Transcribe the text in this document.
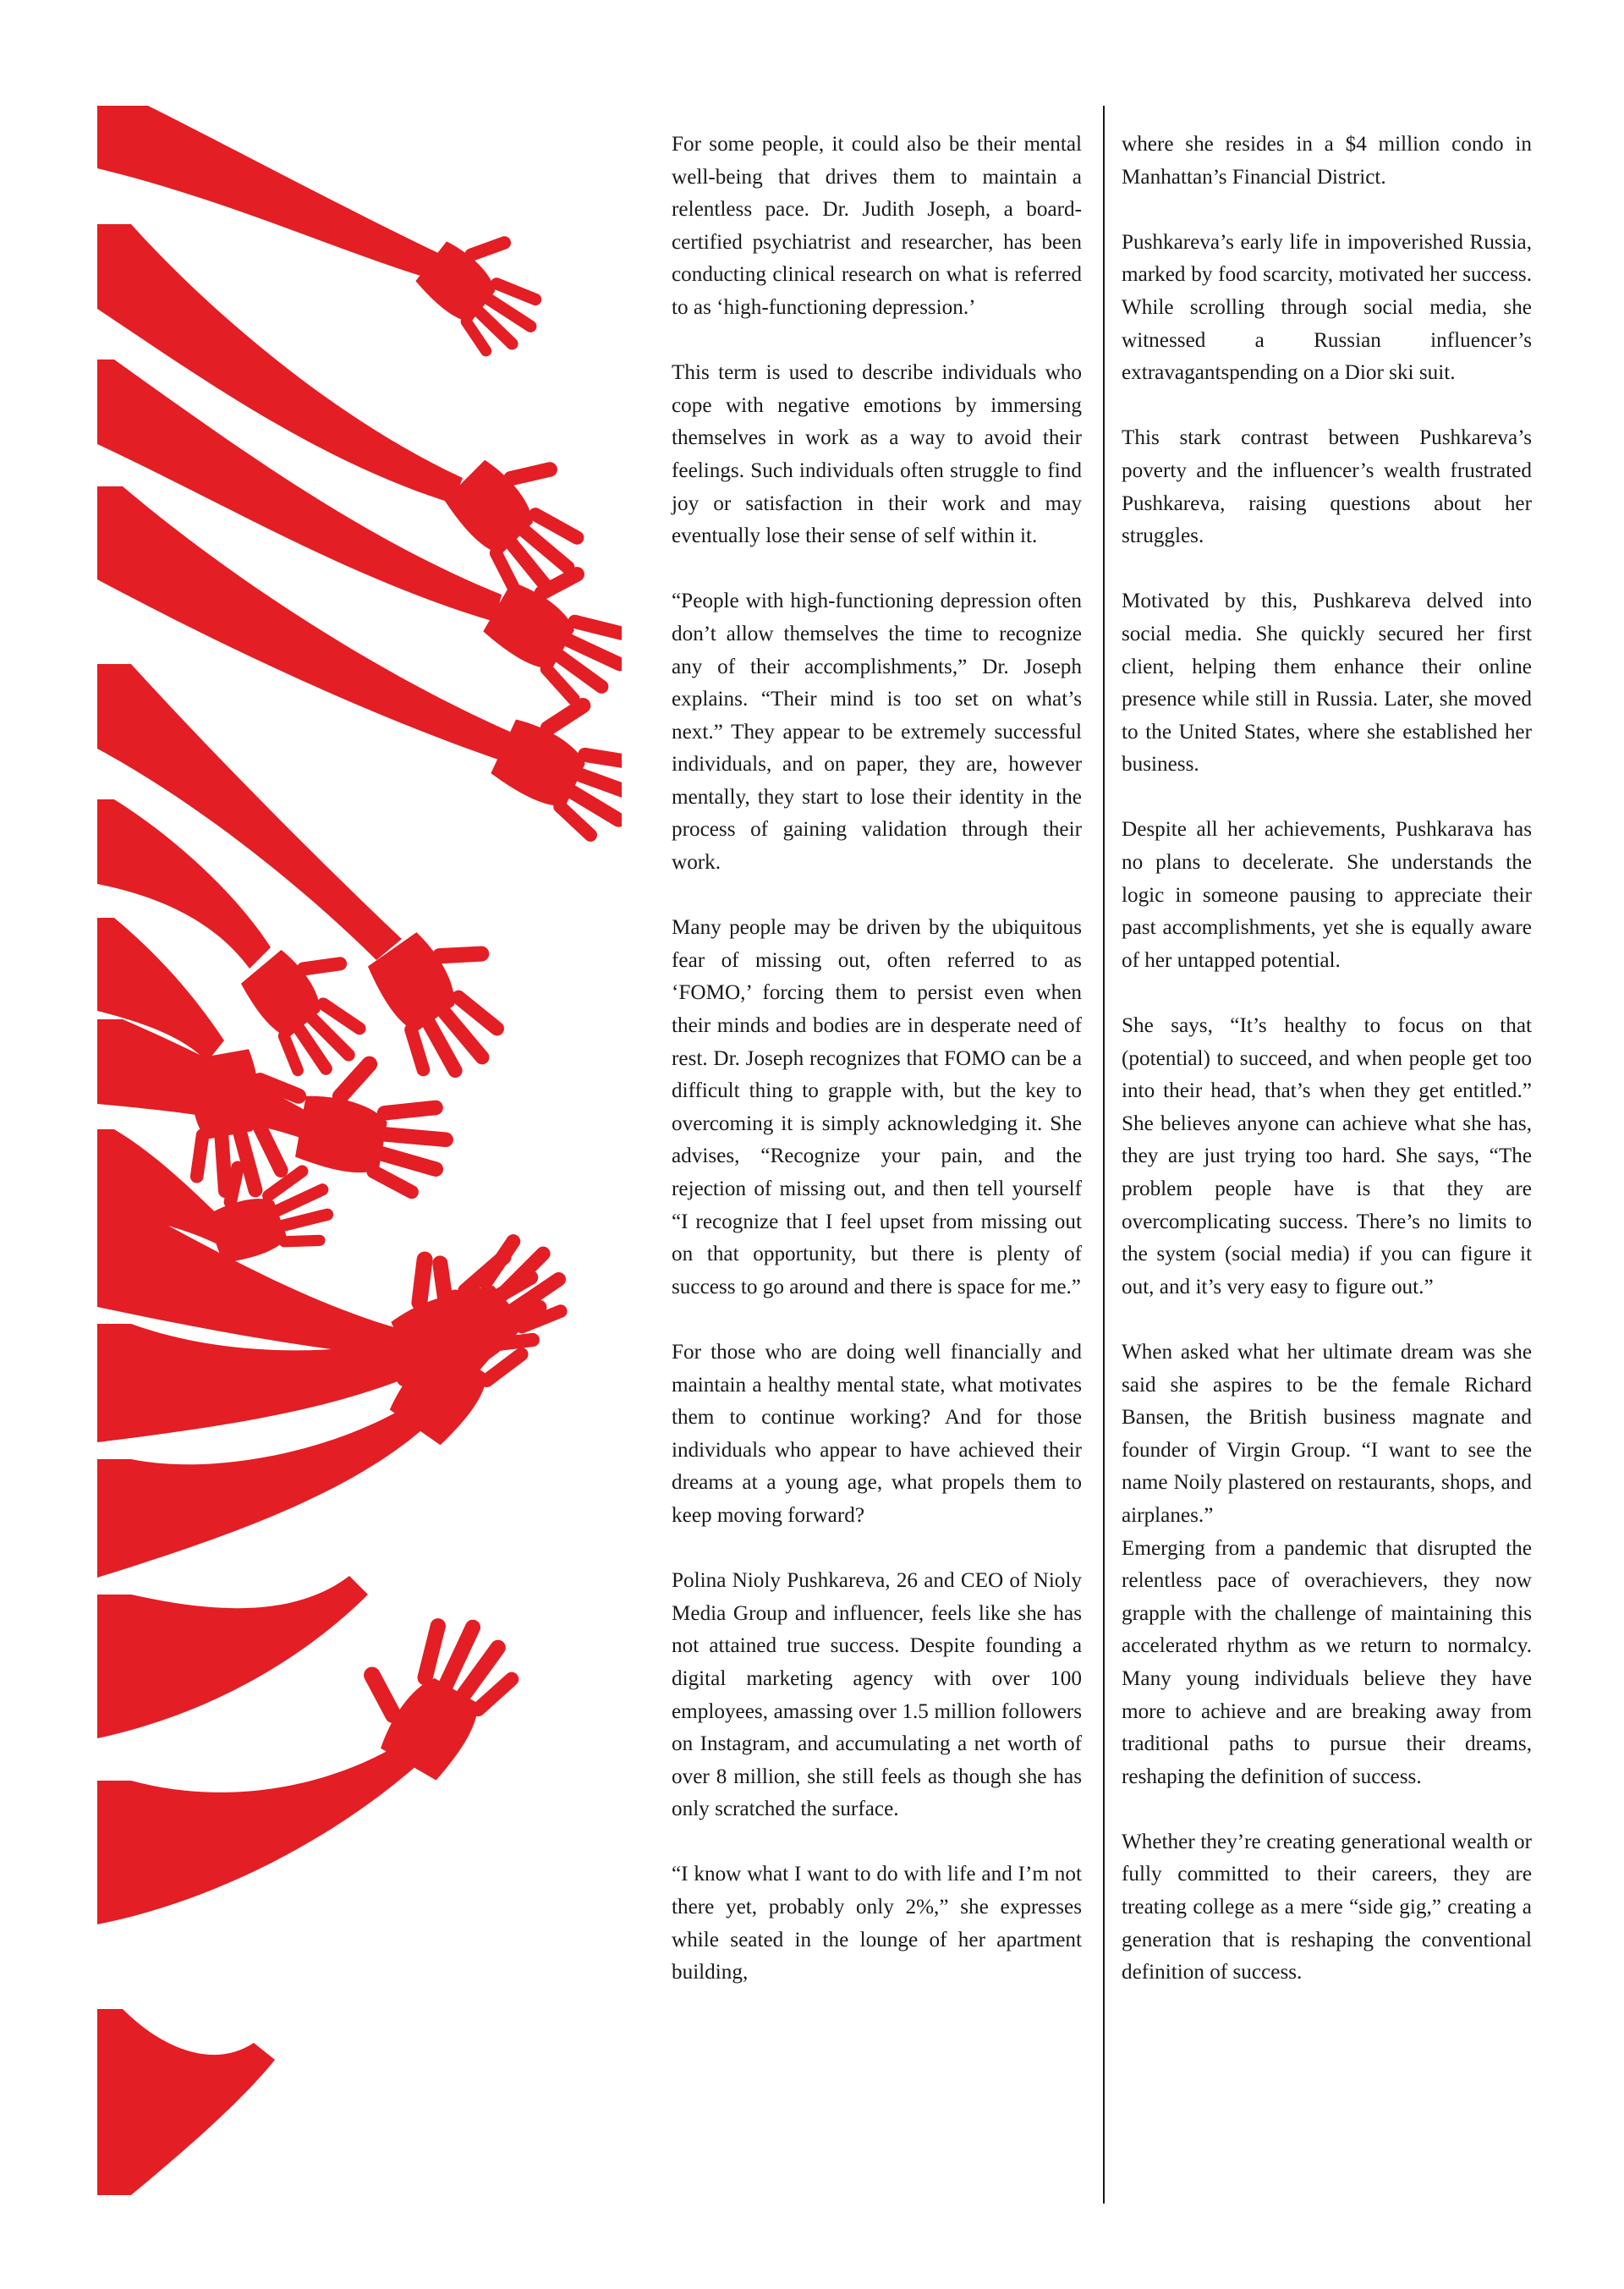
For some people, it could also be their mental well-being that drives them to maintain a relentless pace. Dr. Judith Joseph, a board-certified psychiatrist and researcher, has been conducting clinical research on what is referred to as ‘high-functioning depression.’

This term is used to describe individuals who cope with negative emotions by immersing themselves in work as a way to avoid their feelings. Such individuals often struggle to find joy or satisfaction in their work and may eventually lose their sense of self within it.

“People with high-functioning depression often don’t allow themselves the time to recognize any of their accomplishments,” Dr. Joseph explains. “Their mind is too set on what’s next.” They appear to be extremely successful individuals, and on paper, they are, however mentally, they start to lose their identity in the process of gaining validation through their work.

Many people may be driven by the ubiquitous fear of missing out, often referred to as ‘FOMO,’ forcing them to persist even when their minds and bodies are in desperate need of rest. Dr. Joseph recognizes that FOMO can be a difficult thing to grapple with, but the key to overcoming it is simply acknowledging it. She advises, “Recognize your pain, and the rejection of missing out, and then tell yourself “I recognize that I feel upset from missing out on that opportunity, but there is plenty of success to go around and there is space for me.”

For those who are doing well financially and maintain a healthy mental state, what motivates them to continue working? And for those individuals who appear to have achieved their dreams at a young age, what propels them to keep moving forward?

Polina Nioly Pushkareva, 26 and CEO of Nioly Media Group and influencer, feels like she has not attained true success. Despite founding a digital marketing agency with over 100 employees, amassing over 1.5 million followers on Instagram, and accumulating a net worth of over 8 million, she still feels as though she has only scratched the surface.

“I know what I want to do with life and I’m not there yet, probably only 2%,” she expresses while seated in the lounge of her apartment building,

where she resides in a $4 million condo in Manhattan’s Financial District.

Pushkareva’s early life in impoverished Russia, marked by food scarcity, motivated her success. While scrolling through social media, she witnessed a Russian influencer’s extravagantspending on a Dior ski suit.

This stark contrast between Pushkareva’s poverty and the influencer’s wealth frustrated Pushkareva, raising questions about her struggles.

Motivated by this, Pushkareva delved into social media. She quickly secured her first client, helping them enhance their online presence while still in Russia. Later, she moved to the United States, where she established her business.

Despite all her achievements, Pushkarava has no plans to decelerate. She understands the logic in someone pausing to appreciate their past accomplishments, yet she is equally aware of her untapped potential.

She says, “It’s healthy to focus on that (potential) to succeed, and when people get too into their head, that’s when they get entitled.” She believes anyone can achieve what she has, they are just trying too hard. She says, “The problem people have is that they are overcomplicating success. There’s no limits to the system (social media) if you can figure it out, and it’s very easy to figure out.”

When asked what her ultimate dream was she said she aspires to be the female Richard Bansen, the British business magnate and founder of Virgin Group. “I want to see the name Noily plastered on restaurants, shops, and airplanes.”

Emerging from a pandemic that disrupted the relentless pace of overachievers, they now grapple with the challenge of maintaining this accelerated rhythm as we return to normalcy. Many young individuals believe they have more to achieve and are breaking away from traditional paths to pursue their dreams, reshaping the definition of success.

Whether they’re creating generational wealth or fully committed to their careers, they are treating college as a mere “side gig,” creating a generation that is reshaping the conventional definition of success.
